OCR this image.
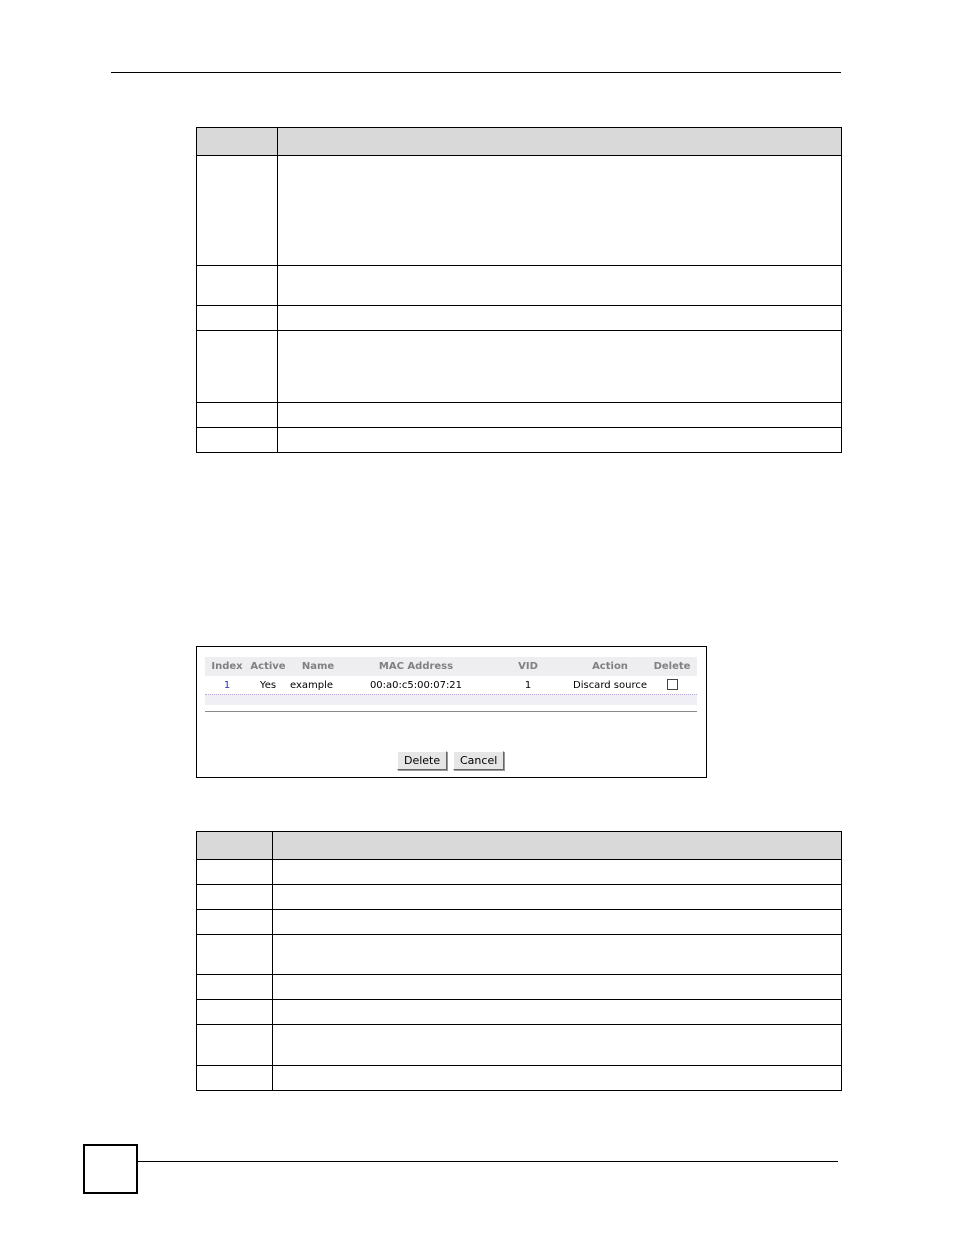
Index	Active	Name	MAC Address	VID	Action	Delete
1	Yes	example	00:a0:c5:00:07:21	1	Discard source	
Delete	Cancel
